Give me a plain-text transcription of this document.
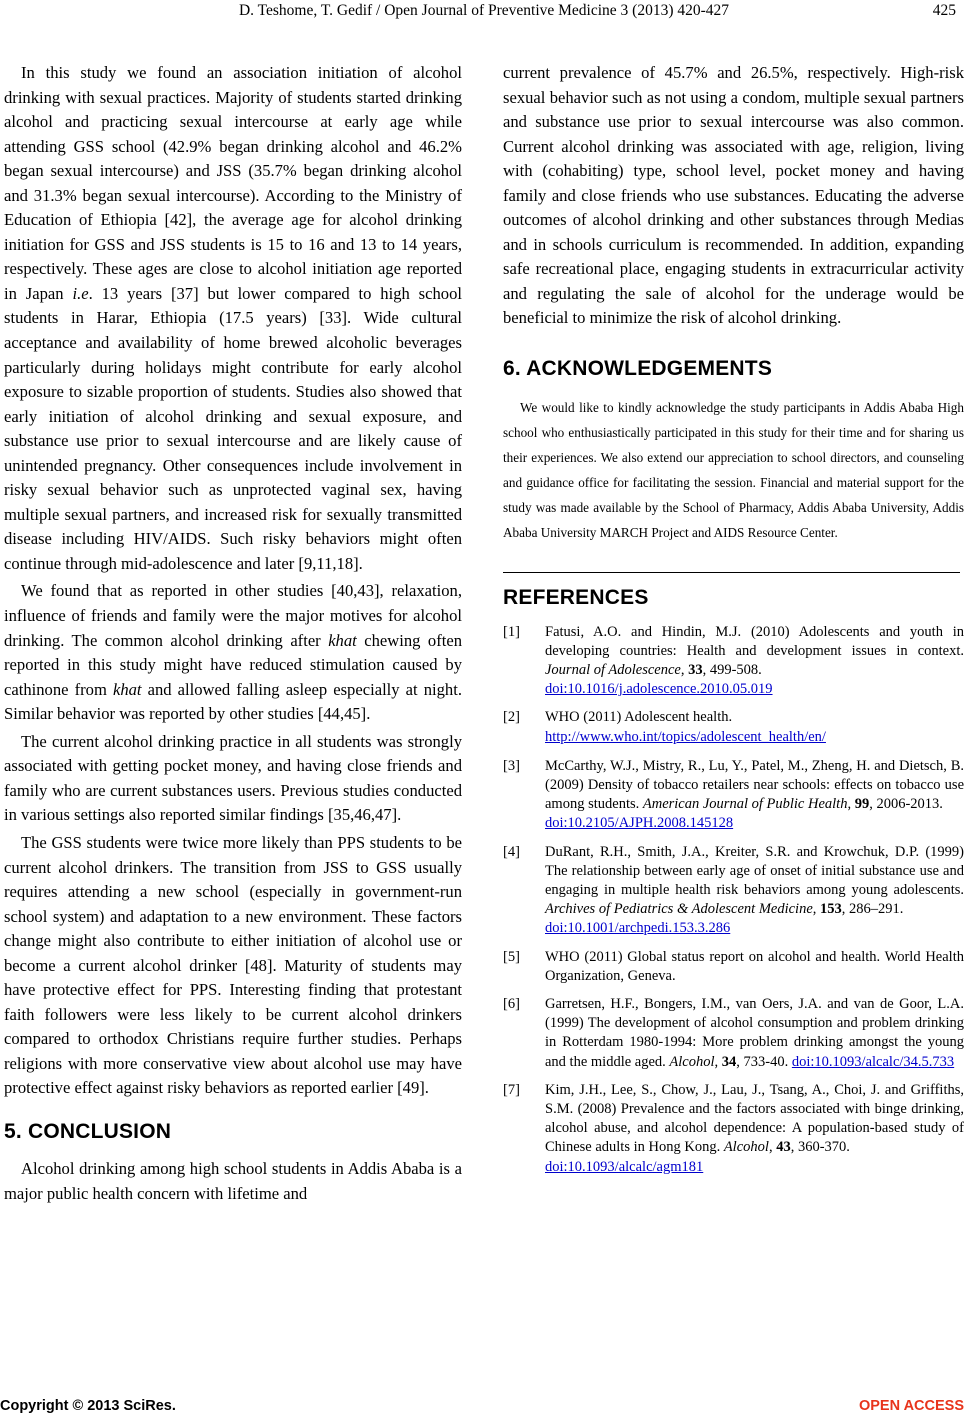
D. Teshome, T. Gedif / Open Journal of Preventive Medicine 3 (2013) 420-427	425

In this study we found an association initiation of alcohol drinking with sexual practices. Majority of students started drinking alcohol and practicing sexual intercourse at early age while attending GSS school (42.9% began drinking alcohol and 46.2% began sexual intercourse) and JSS (35.7% began drinking alcohol and 31.3% began sexual intercourse). According to the Ministry of Education of Ethiopia [42], the average age for alcohol drinking initiation for GSS and JSS students is 15 to 16 and 13 to 14 years, respectively. These ages are close to alcohol initiation age reported in Japan i.e. 13 years [37] but lower compared to high school students in Harar, Ethiopia (17.5 years) [33]. Wide cultural acceptance and availability of home brewed alcoholic beverages particularly during holidays might contribute for early alcohol exposure to sizable proportion of students. Studies also showed that early initiation of alcohol drinking and sexual exposure, and substance use prior to sexual intercourse and are likely cause of unintended pregnancy. Other consequences include involvement in risky sexual behavior such as unprotected vaginal sex, having multiple sexual partners, and increased risk for sexually transmitted disease including HIV/AIDS. Such risky behaviors might often continue through mid-adolescence and later [9,11,18].

We found that as reported in other studies [40,43], relaxation, influence of friends and family were the major motives for alcohol drinking. The common alcohol drinking after khat chewing often reported in this study might have reduced stimulation caused by cathinone from khat and allowed falling asleep especially at night. Similar behavior was reported by other studies [44,45].

The current alcohol drinking practice in all students was strongly associated with getting pocket money, and having close friends and family who are current substances users. Previous studies conducted in various settings also reported similar findings [35,46,47].

The GSS students were twice more likely than PPS students to be current alcohol drinkers. The transition from JSS to GSS usually requires attending a new school (especially in government-run school system) and adaptation to a new environment. These factors change might also contribute to either initiation of alcohol use or become a current alcohol drinker [48]. Maturity of students may have protective effect for PPS. Interesting finding that protestant faith followers were less likely to be current alcohol drinkers compared to orthodox Christians require further studies. Perhaps religions with more conservative view about alcohol use may have protective effect against risky behaviors as reported earlier [49].

5. CONCLUSION

Alcohol drinking among high school students in Addis Ababa is a major public health concern with lifetime and

current prevalence of 45.7% and 26.5%, respectively. High-risk sexual behavior such as not using a condom, multiple sexual partners and substance use prior to sexual intercourse was also common. Current alcohol drinking was associated with age, religion, living with (cohabiting) type, school level, pocket money and having family and close friends who use substances. Educating the adverse outcomes of alcohol drinking and other substances through Medias and in schools curriculum is recommended. In addition, expanding safe recreational place, engaging students in extracurricular activity and regulating the sale of alcohol for the underage would be beneficial to minimize the risk of alcohol drinking.

6. ACKNOWLEDGEMENTS

We would like to kindly acknowledge the study participants in Addis Ababa High school who enthusiastically participated in this study for their time and for sharing us their experiences. We also extend our appreciation to school directors, and counseling and guidance office for facilitating the session. Financial and material support for the study was made available by the School of Pharmacy, Addis Ababa University, Addis Ababa University MARCH Project and AIDS Resource Center.

REFERENCES
[1] Fatusi, A.O. and Hindin, M.J. (2010) Adolescents and youth in developing countries: Health and development issues in context. Journal of Adolescence, 33, 499-508.
doi:10.1016/j.adolescence.2010.05.019
[2] WHO (2011) Adolescent health.
http://www.who.int/topics/adolescent_health/en/
[3] McCarthy, W.J., Mistry, R., Lu, Y., Patel, M., Zheng, H. and Dietsch, B. (2009) Density of tobacco retailers near schools: effects on tobacco use among students. American Journal of Public Health, 99, 2006-2013.
doi:10.2105/AJPH.2008.145128
[4] DuRant, R.H., Smith, J.A., Kreiter, S.R. and Krowchuk, D.P. (1999) The relationship between early age of onset of initial substance use and engaging in multiple health risk behaviors among young adolescents. Archives of Pediatrics & Adolescent Medicine, 153, 286–291.
doi:10.1001/archpedi.153.3.286
[5] WHO (2011) Global status report on alcohol and health. World Health Organization, Geneva.
[6] Garretsen, H.F., Bongers, I.M., van Oers, J.A. and van de Goor, L.A. (1999) The development of alcohol consumption and problem drinking in Rotterdam 1980-1994: More problem drinking amongst the young and the middle aged. Alcohol, 34, 733-40. doi:10.1093/alcalc/34.5.733
[7] Kim, J.H., Lee, S., Chow, J., Lau, J., Tsang, A., Choi, J. and Griffiths, S.M. (2008) Prevalence and the factors associated with binge drinking, alcohol abuse, and alcohol dependence: A population-based study of Chinese adults in Hong Kong. Alcohol, 43, 360-370.
doi:10.1093/alcalc/agm181
Copyright © 2013 SciRes.	OPEN ACCESS
